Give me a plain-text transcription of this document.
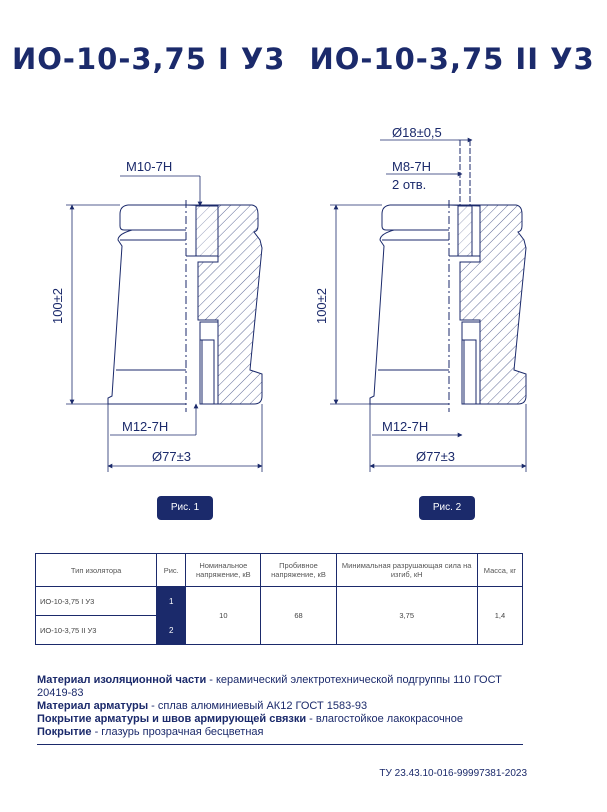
ИО-10-3,75 I У3 ИО-10-3,75 II У3
100±2
М10-7Н
М12-7Н
Ø77±3
100±2
Ø18±0,5
М8-7Н
2 отв.
М12-7Н
Ø77±3
Рис. 1	Рис. 2
Тип изолятора	Рис.	Номинальное напряжение, кВ	Пробивное напряжение, кВ	Минимальная разрушающая сила на изгиб, кН	Масса, кг
ИО-10-3,75 I У3	1	10	68	3,75	1,4
ИО-10-3,75 II У3	2				
Материал изоляционной части - керамический электротехнической подгруппы 110 ГОСТ 20419-83
Материал арматуры - сплав алюминиевый АК12 ГОСТ 1583-93
Покрытие арматуры и швов армирующей связки - влагостойкое лакокрасочное
Покрытие - глазурь прозрачная бесцветная
ТУ 23.43.10-016-99997381-2023
